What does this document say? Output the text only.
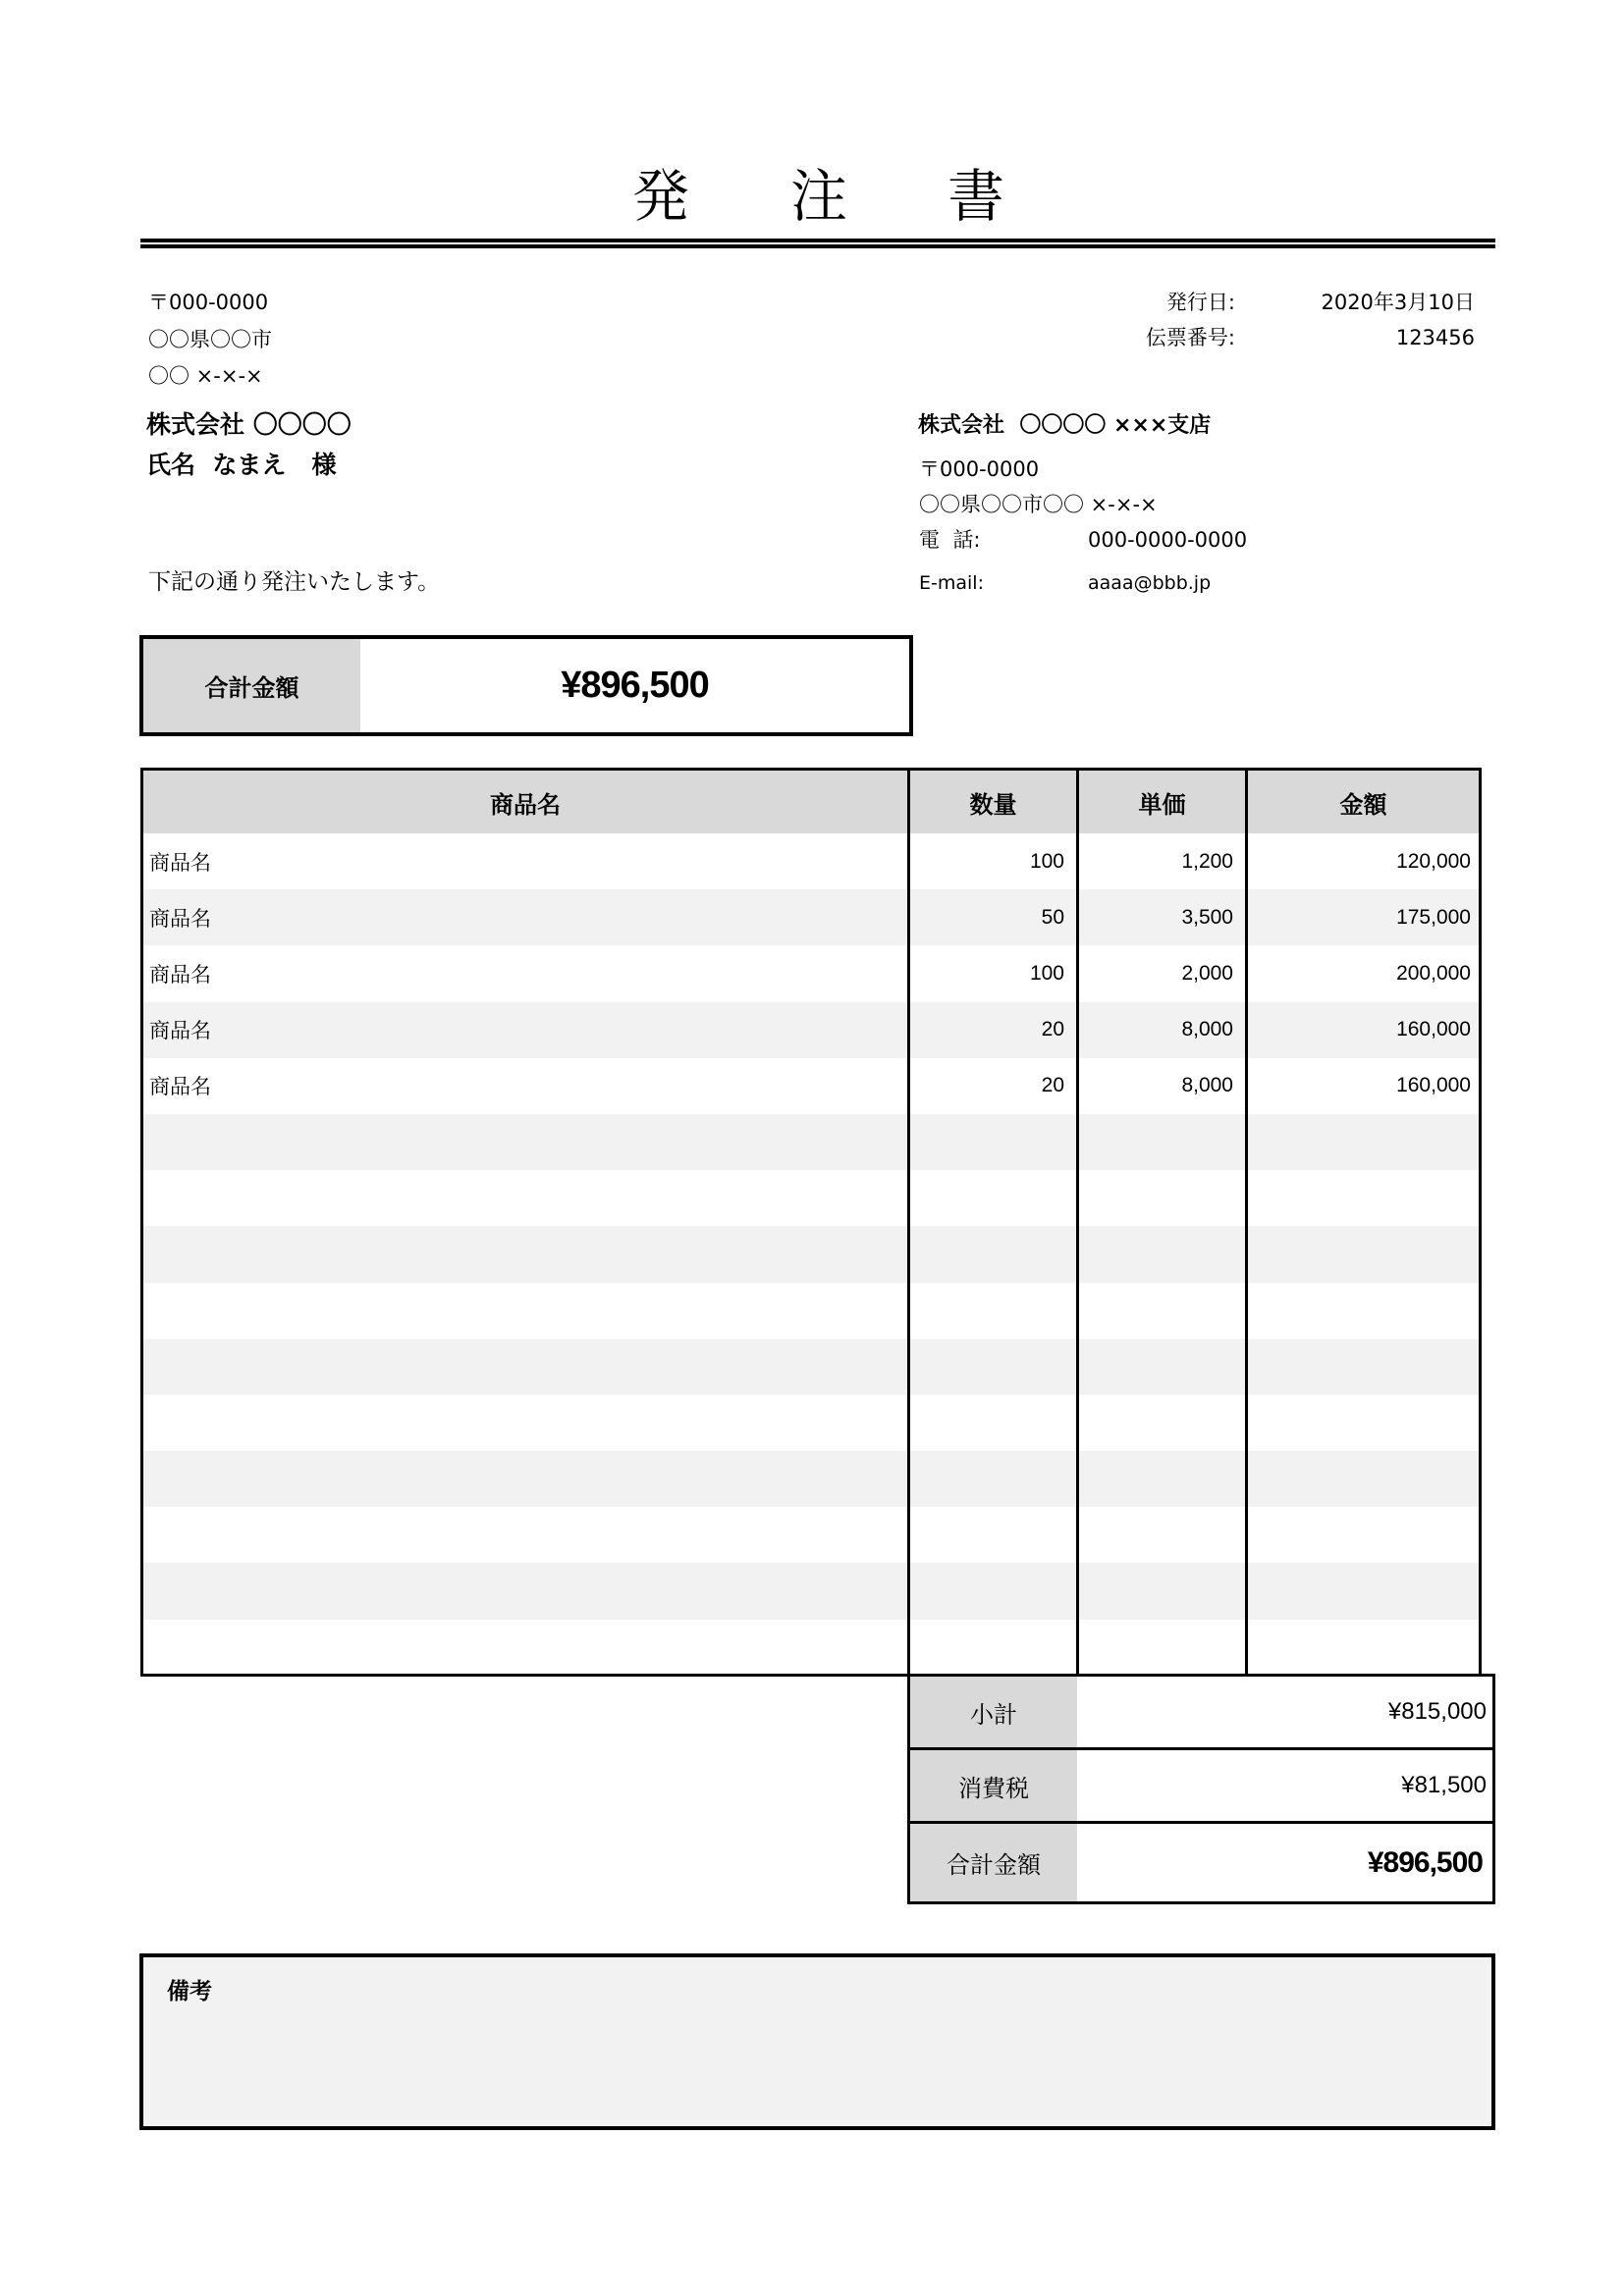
発 注 書
〒000-0000
〇〇県〇〇市
〇〇 ×-×-×
株式会社 〇〇〇〇
氏名  なまえ   様
下記の通り発注いたします。
発行日:	2020年3月10日
伝票番号:	123456
株式会社  〇〇〇〇 ×××支店
〒000-0000
〇〇県〇〇市〇〇 ×-×-×
電  話:	000-0000-0000
E-mail:	aaaa@bbb.jp
合計金額	¥896,500
商品名	数量	単価	金額
商品名	100	1,200	120,000
商品名	50	3,500	175,000
商品名	100	2,000	200,000
商品名	20	8,000	160,000
商品名	20	8,000	160,000
小計	¥815,000
消費税	¥81,500
合計金額	¥896,500
備考
